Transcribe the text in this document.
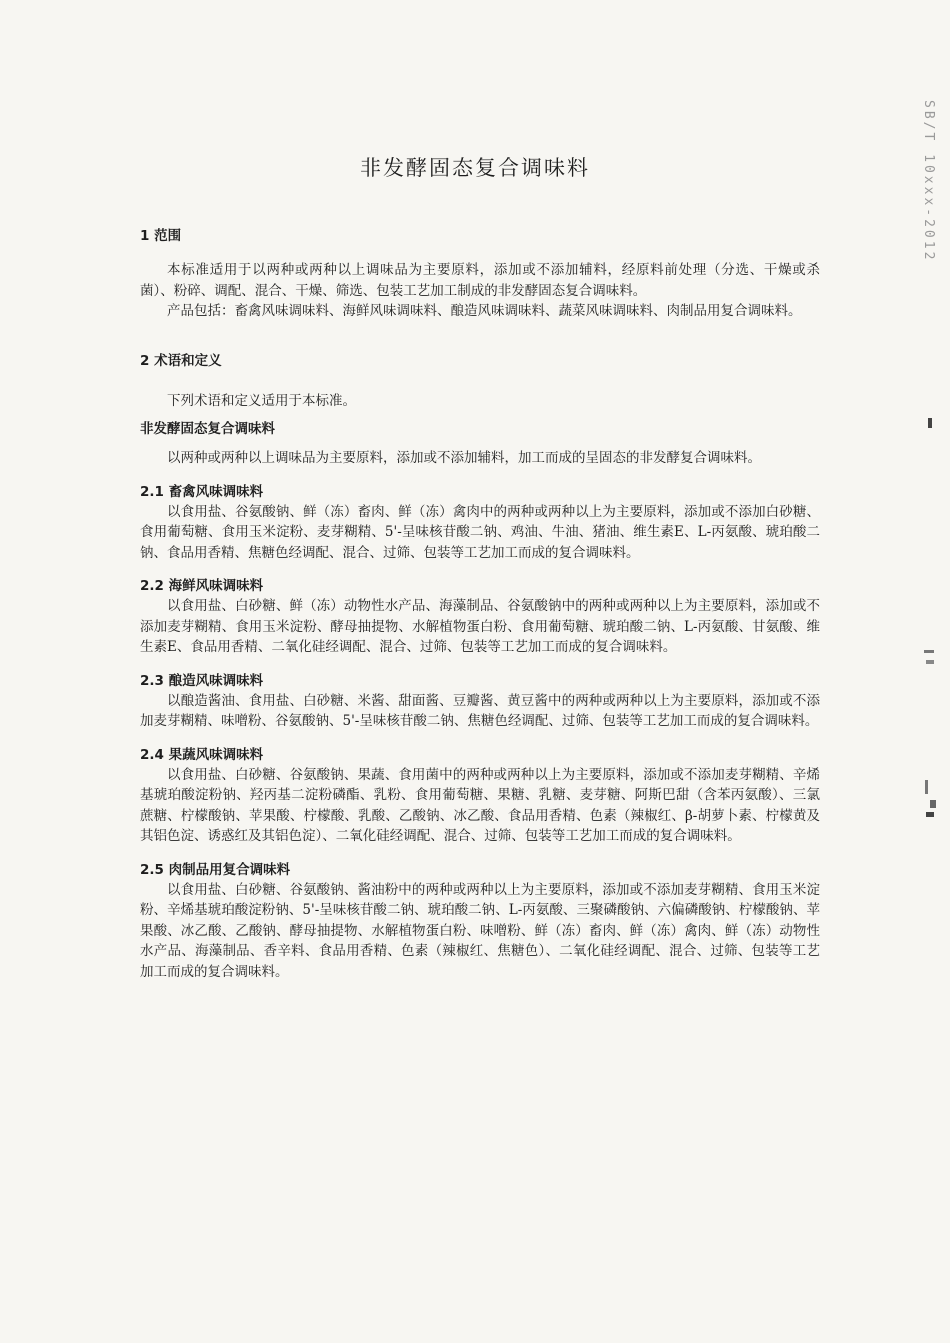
SB/T 10xxx-2012
非发酵固态复合调味料
1 范围

本标准适用于以两种或两种以上调味品为主要原料，添加或不添加辅料，经原料前处理（分选、干燥或杀菌）、粉碎、调配、混合、干燥、筛选、包装工艺加工制成的非发酵固态复合调味料。

产品包括：畜禽风味调味料、海鲜风味调味料、酿造风味调味料、蔬菜风味调味料、肉制品用复合调味料。

2 术语和定义

下列术语和定义适用于本标准。

非发酵固态复合调味料

以两种或两种以上调味品为主要原料，添加或不添加辅料，加工而成的呈固态的非发酵复合调味料。

2.1 畜禽风味调味料

以食用盐、谷氨酸钠、鲜（冻）畜肉、鲜（冻）禽肉中的两种或两种以上为主要原料，添加或不添加白砂糖、食用葡萄糖、食用玉米淀粉、麦芽糊精、5'-呈味核苷酸二钠、鸡油、牛油、猪油、维生素E、L-丙氨酸、琥珀酸二钠、食品用香精、焦糖色经调配、混合、过筛、包装等工艺加工而成的复合调味料。

2.2 海鲜风味调味料

以食用盐、白砂糖、鲜（冻）动物性水产品、海藻制品、谷氨酸钠中的两种或两种以上为主要原料，添加或不添加麦芽糊精、食用玉米淀粉、酵母抽提物、水解植物蛋白粉、食用葡萄糖、琥珀酸二钠、L-丙氨酸、甘氨酸、维生素E、食品用香精、二氧化硅经调配、混合、过筛、包装等工艺加工而成的复合调味料。

2.3 酿造风味调味料

以酿造酱油、食用盐、白砂糖、米酱、甜面酱、豆瓣酱、黄豆酱中的两种或两种以上为主要原料，添加或不添加麦芽糊精、味噌粉、谷氨酸钠、5'-呈味核苷酸二钠、焦糖色经调配、过筛、包装等工艺加工而成的复合调味料。

2.4 果蔬风味调味料

以食用盐、白砂糖、谷氨酸钠、果蔬、食用菌中的两种或两种以上为主要原料，添加或不添加麦芽糊精、辛烯基琥珀酸淀粉钠、羟丙基二淀粉磷酯、乳粉、食用葡萄糖、果糖、乳糖、麦芽糖、阿斯巴甜（含苯丙氨酸）、三氯蔗糖、柠檬酸钠、苹果酸、柠檬酸、乳酸、乙酸钠、冰乙酸、食品用香精、色素（辣椒红、β-胡萝卜素、柠檬黄及其铝色淀、诱惑红及其铝色淀）、二氧化硅经调配、混合、过筛、包装等工艺加工而成的复合调味料。

2.5 肉制品用复合调味料

以食用盐、白砂糖、谷氨酸钠、酱油粉中的两种或两种以上为主要原料，添加或不添加麦芽糊精、食用玉米淀粉、辛烯基琥珀酸淀粉钠、5'-呈味核苷酸二钠、琥珀酸二钠、L-丙氨酸、三聚磷酸钠、六偏磷酸钠、柠檬酸钠、苹果酸、冰乙酸、乙酸钠、酵母抽提物、水解植物蛋白粉、味噌粉、鲜（冻）畜肉、鲜（冻）禽肉、鲜（冻）动物性水产品、海藻制品、香辛料、食品用香精、色素（辣椒红、焦糖色）、二氧化硅经调配、混合、过筛、包装等工艺加工而成的复合调味料。
